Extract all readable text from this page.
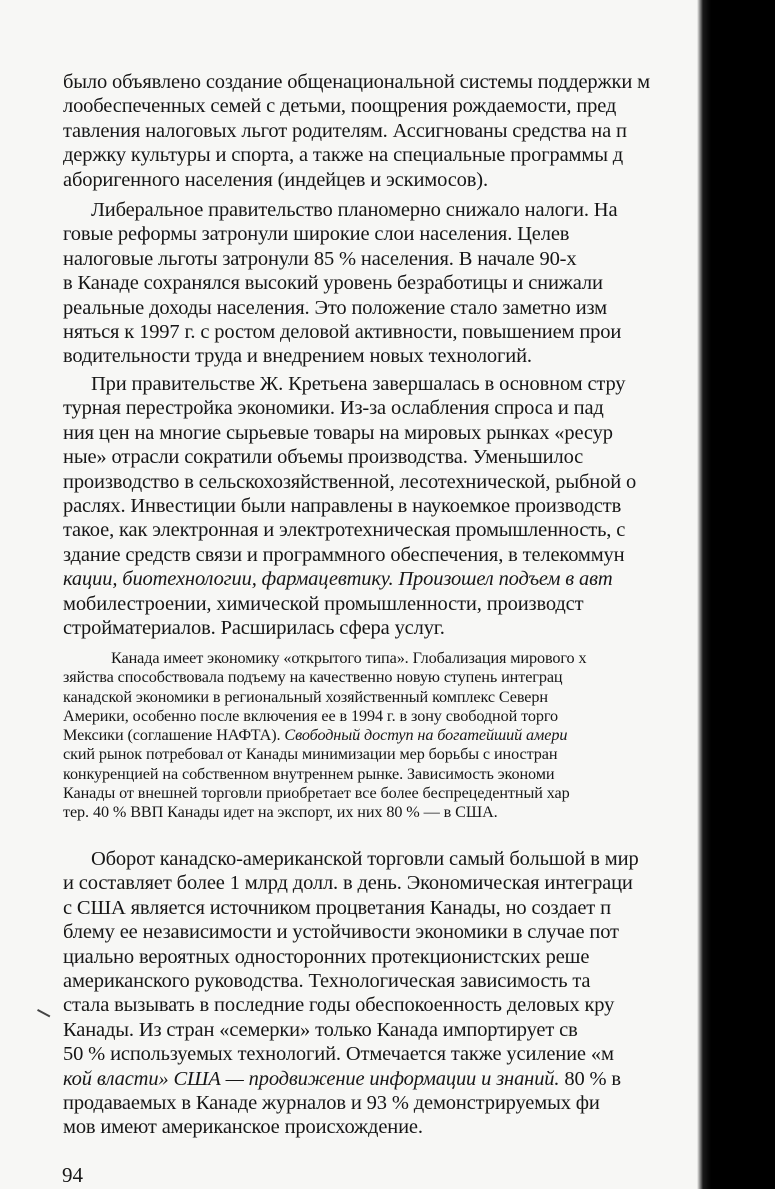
было объявлено создание общенациональной системы поддержки м
лообеспеченных семей с детьми, поощрения рождаемости, пред
тавления налоговых льгот родителям. Ассигнованы средства на п
держку культуры и спорта, а также на специальные программы д
аборигенного населения (индейцев и эскимосов).
Либеральное правительство планомерно снижало налоги. На
говые реформы затронули широкие слои населения. Целев
налоговые льготы затронули 85 % населения. В начале 90-х
в Канаде сохранялся высокий уровень безработицы и снижали
реальные доходы населения. Это положение стало заметно изм
няться к 1997 г. с ростом деловой активности, повышением прои
водительности труда и внедрением новых технологий.
При правительстве Ж. Кретьена завершалась в основном стру
турная перестройка экономики. Из-за ослабления спроса и пад
ния цен на многие сырьевые товары на мировых рынках «ресур
ные» отрасли сократили объемы производства. Уменьшилос
производство в сельскохозяйственной, лесотехнической, рыбной о
раслях. Инвестиции были направлены в наукоемкое производств
такое, как электронная и электротехническая промышленность, с
здание средств связи и программного обеспечения, в телекоммун
кации, биотехнологии, фармацевтику. Произошел подъем в авт
мобилестроении, химической промышленности, производст
стройматериалов. Расширилась сфера услуг.
Канада имеет экономику «открытого типа». Глобализация мирового х
зяйства способствовала подъему на качественно новую ступень интеграц
канадской экономики в региональный хозяйственный комплекс Северн
Америки, особенно после включения ее в 1994 г. в зону свободной торго
Мексики (соглашение НАФТА). Свободный доступ на богатейший амери
ский рынок потребовал от Канады минимизации мер борьбы с иностран
конкуренцией на собственном внутреннем рынке. Зависимость экономи
Канады от внешней торговли приобретает все более беспрецедентный хар
тер. 40 % ВВП Канады идет на экспорт, их них 80 % — в США.
Оборот канадско-американской торговли самый большой в мир
и составляет более 1 млрд долл. в день. Экономическая интеграци
с США является источником процветания Канады, но создает п
блему ее независимости и устойчивости экономики в случае пот
циально вероятных односторонних протекционистских реше
американского руководства. Технологическая зависимость та
стала вызывать в последние годы обеспокоенность деловых кру
Канады. Из стран «семерки» только Канада импортирует св
50 % используемых технологий. Отмечается также усиление «м
кой власти» США — продвижение информации и знаний. 80 % в
продаваемых в Канаде журналов и 93 % демонстрируемых фи
мов имеют американское происхождение.
94
